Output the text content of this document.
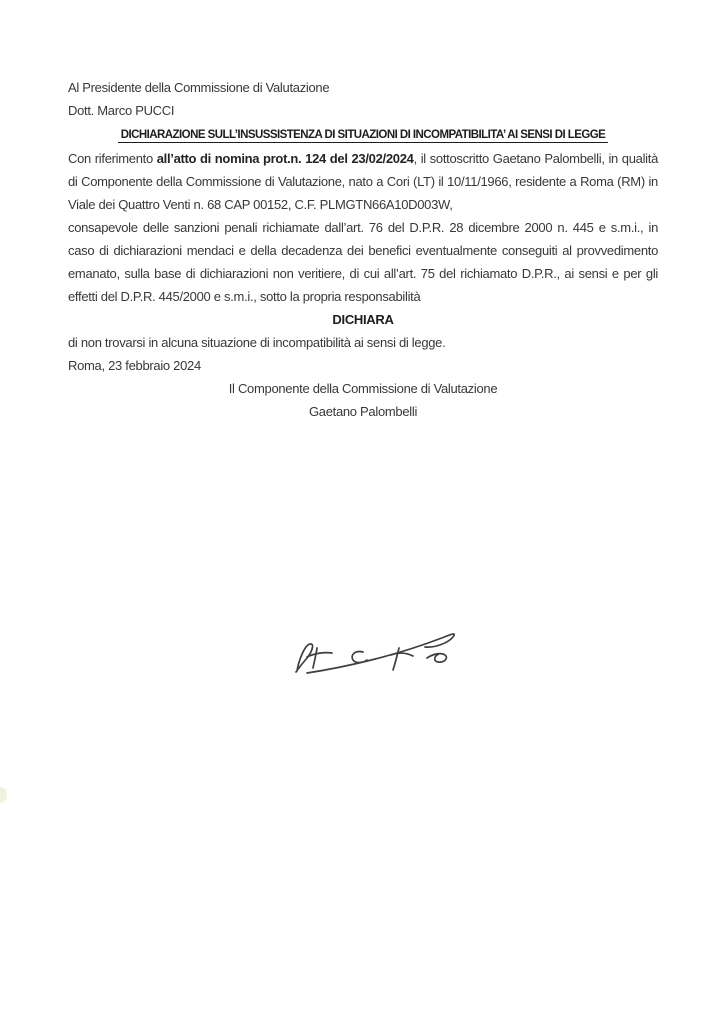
Al Presidente della Commissione di Valutazione

Dott. Marco PUCCI

DICHIARAZIONE SULL’INSUSSISTENZA DI SITUAZIONI DI INCOMPATIBILITA’ AI SENSI DI LEGGE

Con riferimento all’atto di nomina prot.n. 124 del 23/02/2024, il sottoscritto Gaetano Palombelli, in qualità di Componente della Commissione di Valutazione, nato a Cori (LT) il 10/11/1966, residente a Roma (RM) in Viale dei Quattro Venti n. 68 CAP 00152, C.F. PLMGTN66A10D003W,

consapevole delle sanzioni penali richiamate dall’art. 76 del D.P.R. 28 dicembre 2000 n. 445 e s.m.i., in caso di dichiarazioni mendaci e della decadenza dei benefici eventualmente conseguiti al provvedimento emanato, sulla base di dichiarazioni non veritiere, di cui all’art. 75 del richiamato D.P.R., ai sensi e per gli effetti del D.P.R. 445/2000 e s.m.i., sotto la propria responsabilità

DICHIARA

di non trovarsi in alcuna situazione di incompatibilità ai sensi di legge.

Roma, 23 febbraio 2024

Il Componente della Commissione di Valutazione

Gaetano Palombelli
